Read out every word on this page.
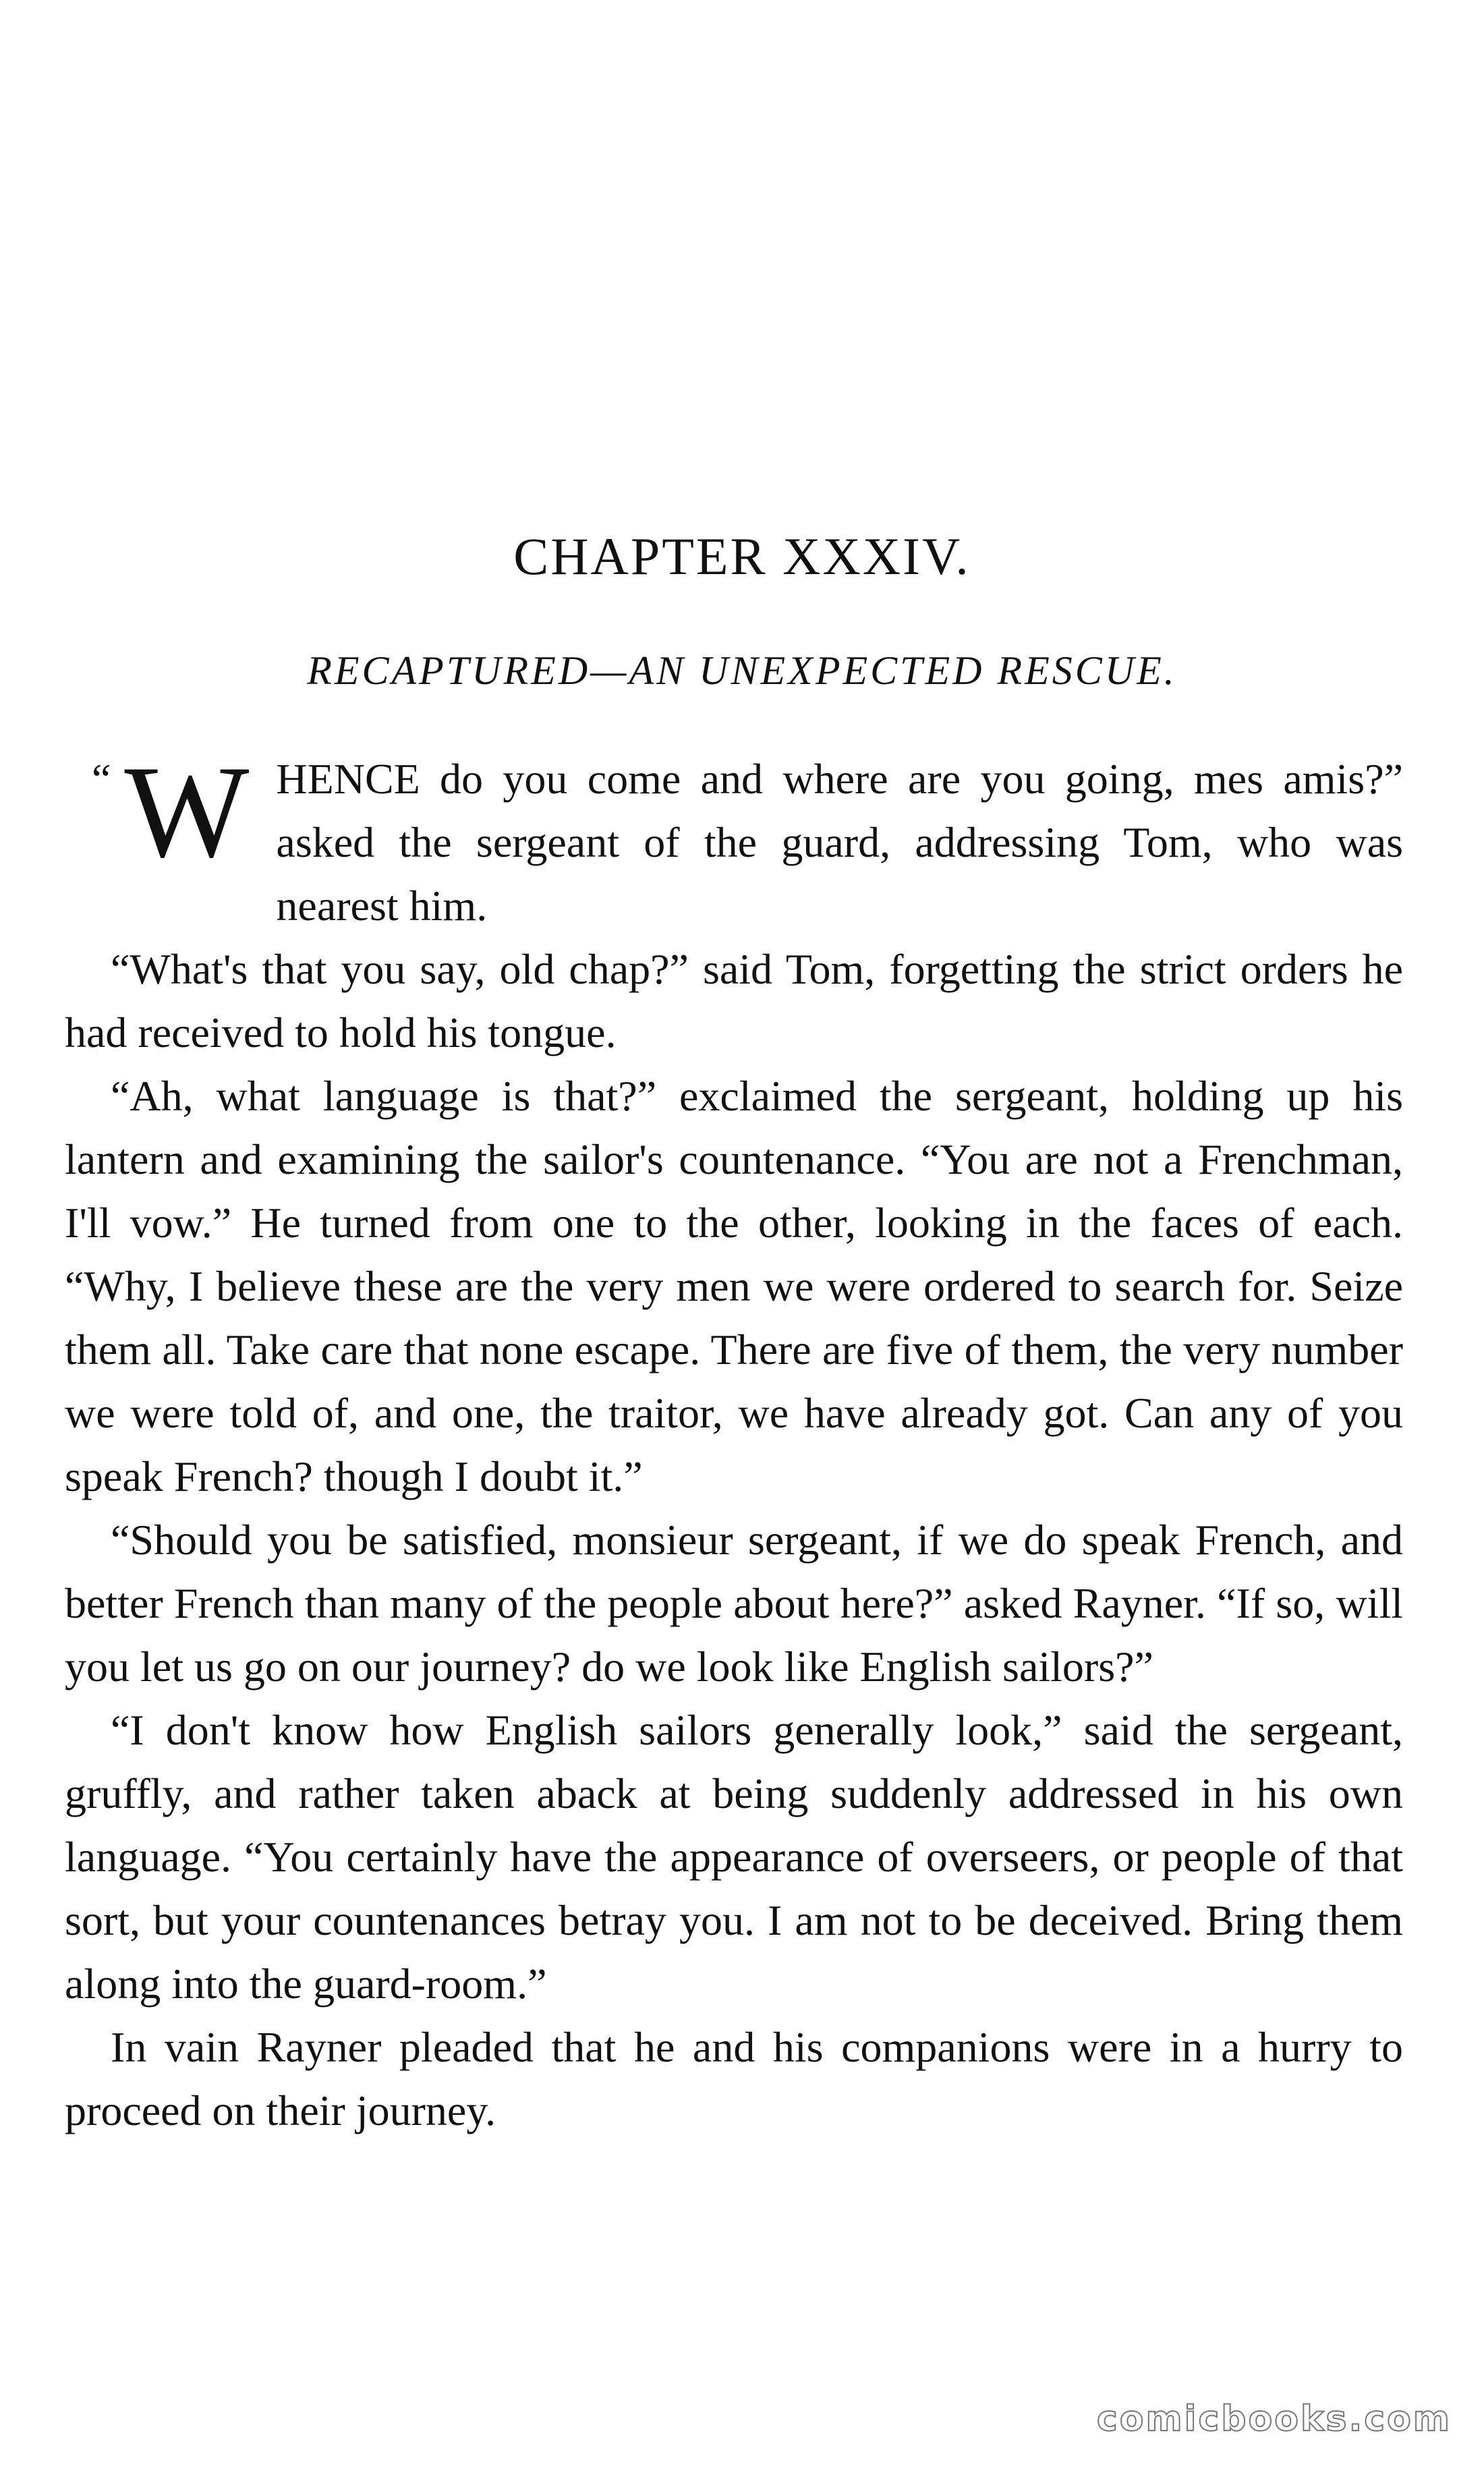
CHAPTER XXXIV.
RECAPTURED—AN UNEXPECTED RESCUE.

“ W HENCE do you come and where are you going, mes amis?” asked the sergeant of the guard, addressing Tom, who was nearest him.

“What's that you say, old chap?” said Tom, forgetting the strict orders he had received to hold his tongue.

“Ah, what language is that?” exclaimed the sergeant, holding up his lantern and examining the sailor's countenance. “You are not a Frenchman, I'll vow.” He turned from one to the other, looking in the faces of each. “Why, I believe these are the very men we were ordered to search for. Seize them all. Take care that none escape. There are five of them, the very number we were told of, and one, the traitor, we have already got. Can any of you speak French? though I doubt it.”

“Should you be satisfied, monsieur sergeant, if we do speak French, and better French than many of the people about here?” asked Rayner. “If so, will you let us go on our journey? do we look like English sailors?”

“I don't know how English sailors generally look,” said the sergeant, gruffly, and rather taken aback at being suddenly addressed in his own language. “You certainly have the appearance of overseers, or people of that sort, but your countenances betray you. I am not to be deceived. Bring them along into the guard-room.”

In vain Rayner pleaded that he and his companions were in a hurry to proceed on their journey.

comicbooks.com
